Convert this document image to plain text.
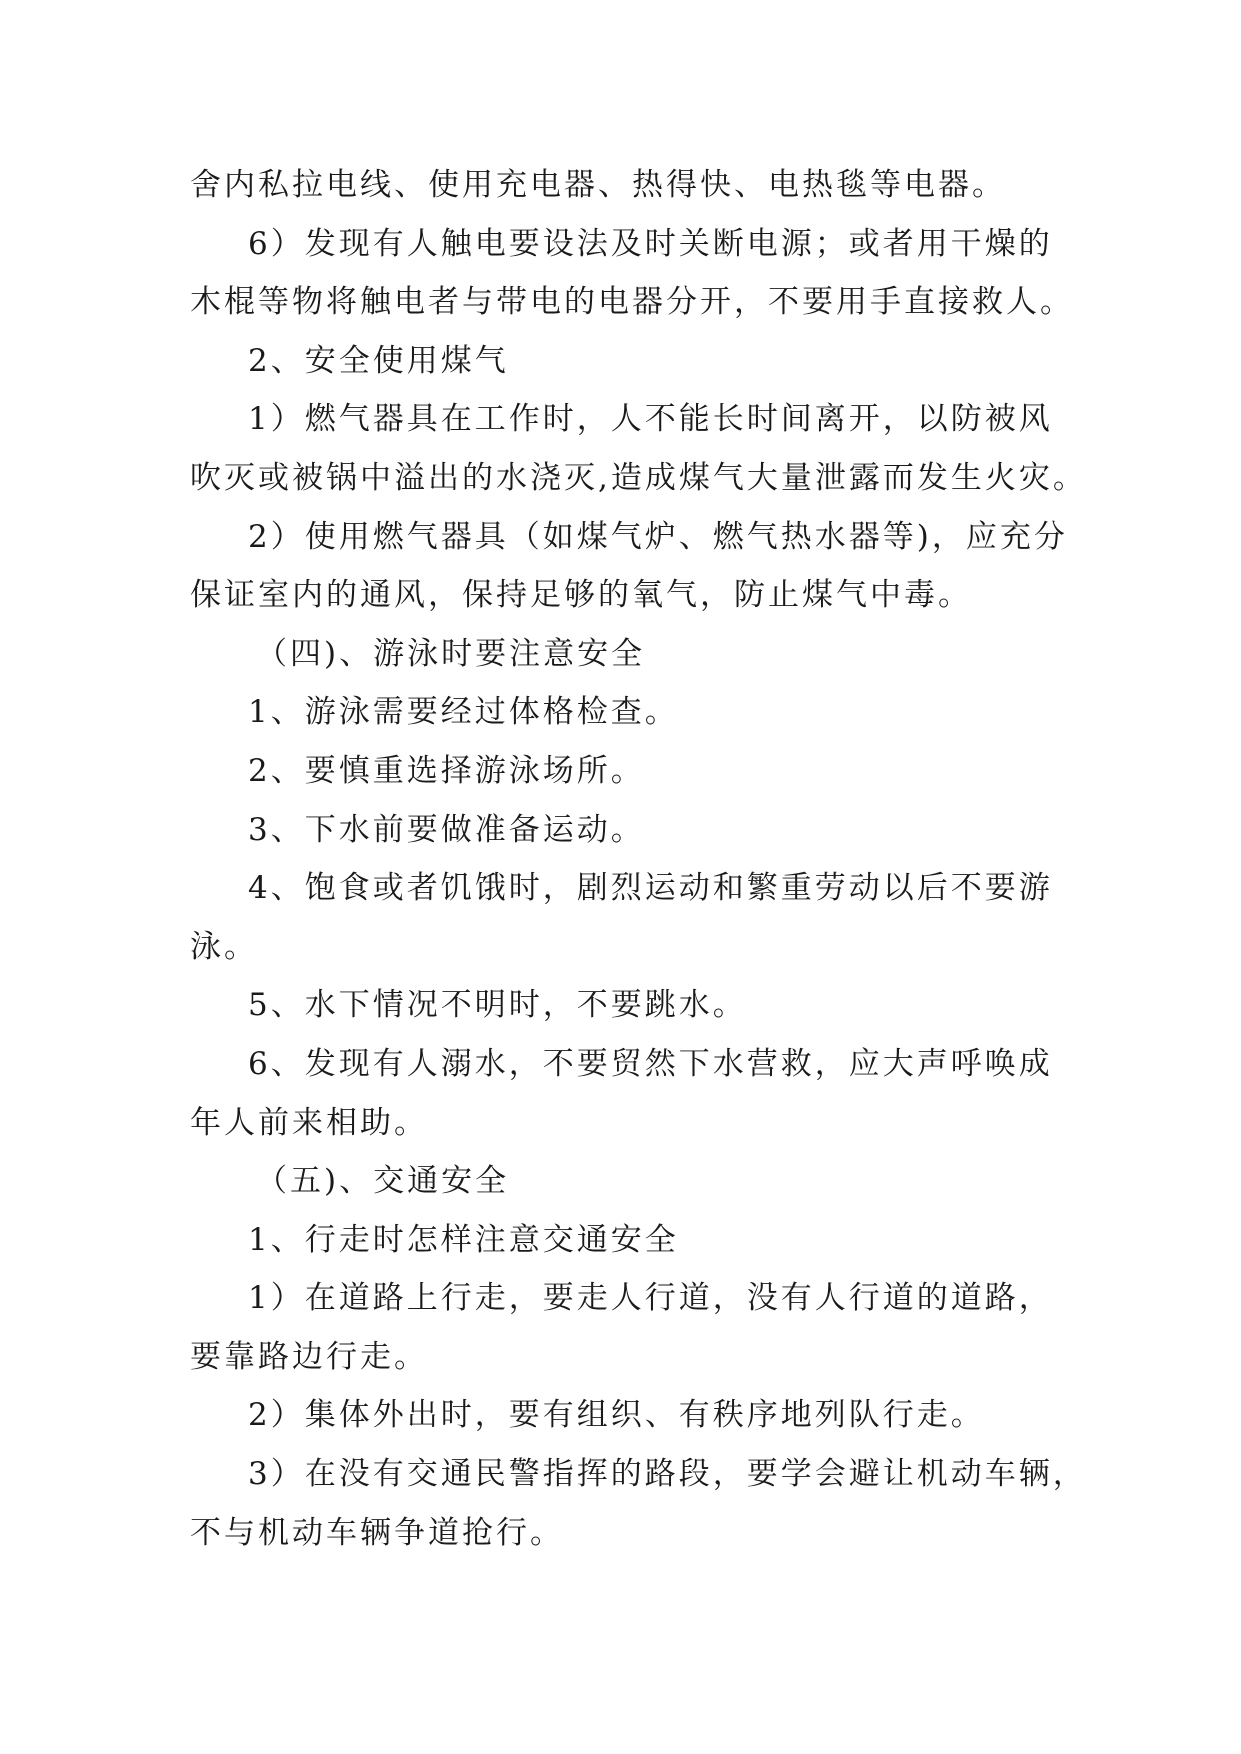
舍内私拉电线、使用充电器、热得快、电热毯等电器。
6）发现有人触电要设法及时关断电源；或者用干燥的
木棍等物将触电者与带电的电器分开，不要用手直接救人。
2、安全使用煤气
1）燃气器具在工作时，人不能长时间离开，以防被风
吹灭或被锅中溢出的水浇灭,造成煤气大量泄露而发生火灾。
2）使用燃气器具（如煤气炉、燃气热水器等)，应充分
保证室内的通风，保持足够的氧气，防止煤气中毒。
（四)、游泳时要注意安全
1、游泳需要经过体格检查。
2、要慎重选择游泳场所。
3、下水前要做准备运动。
4、饱食或者饥饿时，剧烈运动和繁重劳动以后不要游
泳。
5、水下情况不明时，不要跳水。
6、发现有人溺水，不要贸然下水营救，应大声呼唤成
年人前来相助。
（五)、交通安全
1、行走时怎样注意交通安全
1）在道路上行走，要走人行道，没有人行道的道路，
要靠路边行走。
2）集体外出时，要有组织、有秩序地列队行走。
3）在没有交通民警指挥的路段，要学会避让机动车辆，
不与机动车辆争道抢行。
